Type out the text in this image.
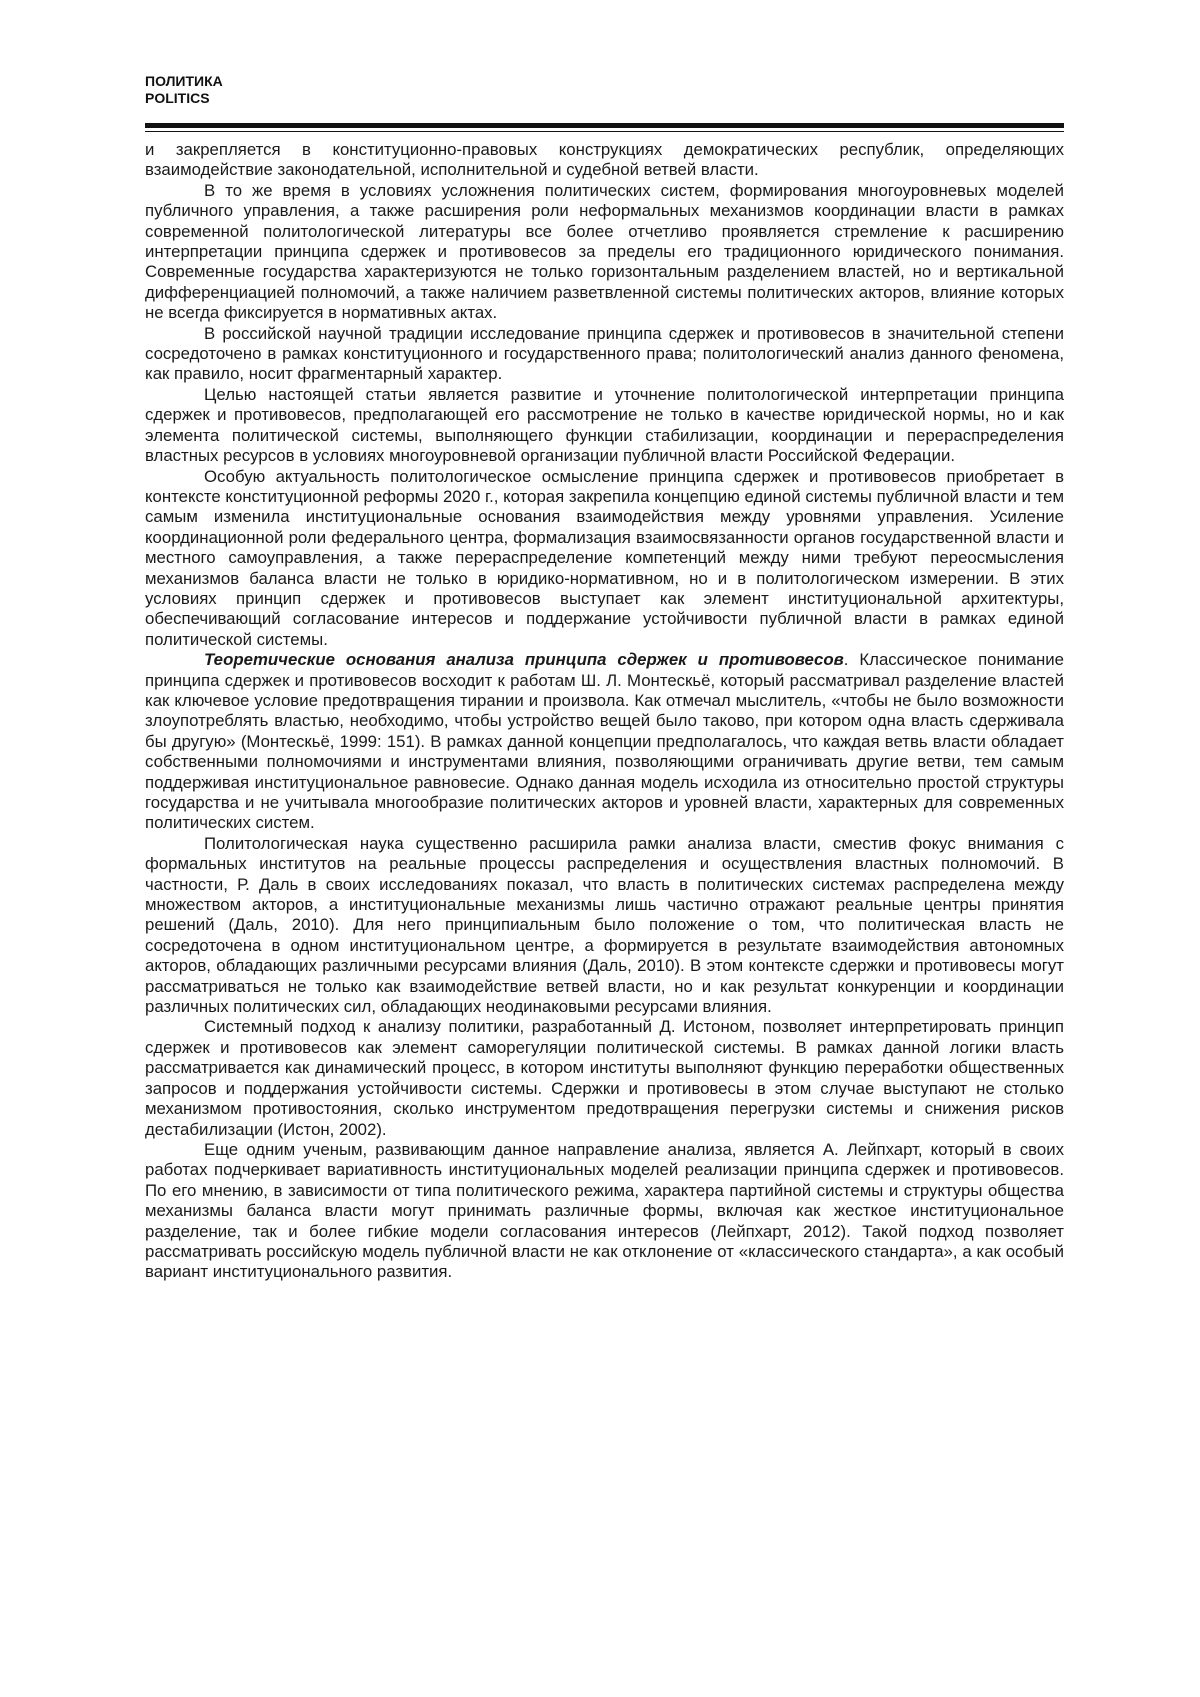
ПОЛИТИКА
POLITICS

и закрепляется в конституционно-правовых конструкциях демократических республик, определяющих взаимодействие законодательной, исполнительной и судебной ветвей власти.

В то же время в условиях усложнения политических систем, формирования многоуровневых моделей публичного управления, а также расширения роли неформальных механизмов координации власти в рамках современной политологической литературы все более отчетливо проявляется стремление к расширению интерпретации принципа сдержек и противовесов за пределы его традиционного юридического понимания. Современные государства характеризуются не только горизонтальным разделением властей, но и вертикальной дифференциацией полномочий, а также наличием разветвленной системы политических акторов, влияние которых не всегда фиксируется в нормативных актах.

В российской научной традиции исследование принципа сдержек и противовесов в значительной степени сосредоточено в рамках конституционного и государственного права; политологический анализ данного феномена, как правило, носит фрагментарный характер.

Целью настоящей статьи является развитие и уточнение политологической интерпретации принципа сдержек и противовесов, предполагающей его рассмотрение не только в качестве юридической нормы, но и как элемента политической системы, выполняющего функции стабилизации, координации и перераспределения властных ресурсов в условиях многоуровневой организации публичной власти Российской Федерации.

Особую актуальность политологическое осмысление принципа сдержек и противовесов приобретает в контексте конституционной реформы 2020 г., которая закрепила концепцию единой системы публичной власти и тем самым изменила институциональные основания взаимодействия между уровнями управления. Усиление координационной роли федерального центра, формализация взаимосвязанности органов государственной власти и местного самоуправления, а также перераспределение компетенций между ними требуют переосмысления механизмов баланса власти не только в юридико-нормативном, но и в политологическом измерении. В этих условиях принцип сдержек и противовесов выступает как элемент институциональной архитектуры, обеспечивающий согласование интересов и поддержание устойчивости публичной власти в рамках единой политической системы.

Теоретические основания анализа принципа сдержек и противовесов. Классическое понимание принципа сдержек и противовесов восходит к работам Ш. Л. Монтескьё, который рассматривал разделение властей как ключевое условие предотвращения тирании и произвола. Как отмечал мыслитель, «чтобы не было возможности злоупотреблять властью, необходимо, чтобы устройство вещей было таково, при котором одна власть сдерживала бы другую» (Монтескьё, 1999: 151). В рамках данной концепции предполагалось, что каждая ветвь власти обладает собственными полномочиями и инструментами влияния, позволяющими ограничивать другие ветви, тем самым поддерживая институциональное равновесие. Однако данная модель исходила из относительно простой структуры государства и не учитывала многообразие политических акторов и уровней власти, характерных для современных политических систем.

Политологическая наука существенно расширила рамки анализа власти, сместив фокус внимания с формальных институтов на реальные процессы распределения и осуществления властных полномочий. В частности, Р. Даль в своих исследованиях показал, что власть в политических системах распределена между множеством акторов, а институциональные механизмы лишь частично отражают реальные центры принятия решений (Даль, 2010). Для него принципиальным было положение о том, что политическая власть не сосредоточена в одном институциональном центре, а формируется в результате взаимодействия автономных акторов, обладающих различными ресурсами влияния (Даль, 2010). В этом контексте сдержки и противовесы могут рассматриваться не только как взаимодействие ветвей власти, но и как результат конкуренции и координации различных политических сил, обладающих неодинаковыми ресурсами влияния.

Системный подход к анализу политики, разработанный Д. Истоном, позволяет интерпретировать принцип сдержек и противовесов как элемент саморегуляции политической системы. В рамках данной логики власть рассматривается как динамический процесс, в котором институты выполняют функцию переработки общественных запросов и поддержания устойчивости системы. Сдержки и противовесы в этом случае выступают не столько механизмом противостояния, сколько инструментом предотвращения перегрузки системы и снижения рисков дестабилизации (Истон, 2002).

Еще одним ученым, развивающим данное направление анализа, является А. Лейпхарт, который в своих работах подчеркивает вариативность институциональных моделей реализации принципа сдержек и противовесов. По его мнению, в зависимости от типа политического режима, характера партийной системы и структуры общества механизмы баланса власти могут принимать различные формы, включая как жесткое институциональное разделение, так и более гибкие модели согласования интересов (Лейпхарт, 2012). Такой подход позволяет рассматривать российскую модель публичной власти не как отклонение от «классического стандарта», а как особый вариант институционального развития.
